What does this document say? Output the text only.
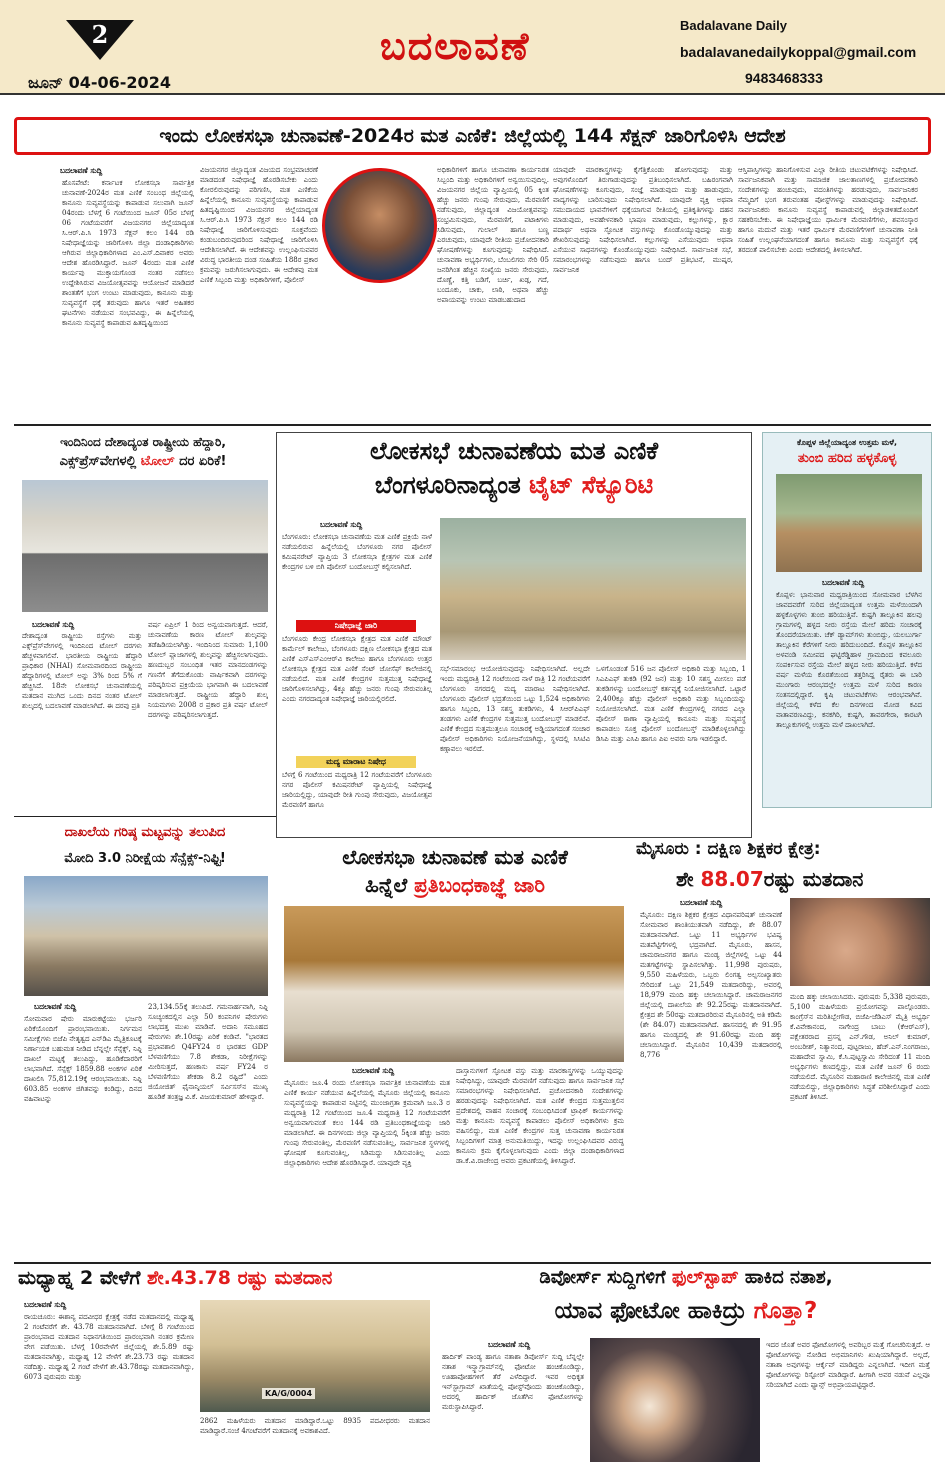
2
ಜೂನ್ 04-06-2024
ಬದಲಾವಣೆ	Badalavane Daily
badalavanedailykoppal@gmail.com
9483468333
ಇಂದು ಲೋಕಸಭಾ ಚುನಾವಣೆ-2024ರ ಮತ ಎಣಿಕೆ: ಜಿಲ್ಲೆಯಲ್ಲಿ 144 ಸೆಕ್ಷನ್ ಜಾರಿಗೊಳಿಸಿ ಆದೇಶ
ಬದಲಾವಣೆ ಸುದ್ದಿ
ಹೊಸಪೇಟೆ: ಕರ್ನಾಟಕ ಲೋಕಸಭಾ ಸಾರ್ವತ್ರಿಕ ಚುನಾವಣೆ-2024ರ ಮತ ಎಣಿಕೆ ಸಂಬಂಧ ಜಿಲ್ಲೆಯಲ್ಲಿ ಕಾನೂನು ಸುವ್ಯವಸ್ಥೆಯನ್ನು ಕಾಪಾಡುವ ಸಲುವಾಗಿ ಜೂನ್ 04ರಂದು ಬೆಳಗ್ಗೆ 6 ಗಂಟೆಯಿಂದ ಜೂನ್ 05ರ ಬೆಳಗ್ಗೆ 06 ಗಂಟೆಯವರೆಗೆ ವಿಜಯನಗರ ಜಿಲ್ಲೆಯಾದ್ಯಂತ ಸಿ.ಆರ್.ಪಿ.ಸಿ 1973 ಸೆಕ್ಷನ್ ಕಲಂ 144 ರಡಿ ನಿಷೇಧಾಜ್ಞೆಯನ್ನು ಜಾರಿಗೊಳಿಸಿ ಜಿಲ್ಲಾ ದಂಡಾಧಿಕಾರಿಗಳು ಆಗಿರುವ ಜಿಲ್ಲಾಧಿಕಾರಿಗಳಾದ ಎಂ.ಎಸ್.ದಿವಾಕರ ಅವರು ಆದೇಶ ಹೊರಡಿಸಿದ್ದಾರೆ. ಜೂನ್ 4ರಂದು ಮತ ಎಣಿಕೆ ಕಾರ್ಯವು ಮುಕ್ತಾಯಗೊಂಡ ನಂತರ ನಡೆಸಲು ಉದ್ದೇಶಿಸಿರುವ ವಿಜಯೋತ್ಸವವನ್ನು ಆಯೋಜನೆ ಮಾಡಿದರೆ ಶಾಂತತೆಗೆ ಭಂಗ ಉಂಟು ಮಾಡುವುದು, ಕಾನೂನು ಮತ್ತು ಸುವ್ಯವಸ್ಥೆಗೆ ಧಕ್ಕೆ ತರುವುದು ಹಾಗೂ ಇತರೆ ಅಹಿತಕರ ಘಟನೆಗಳು ನಡೆಯುವ ಸಂಭವವಿದ್ದು, ಈ ಹಿನ್ನೆಲೆಯಲ್ಲಿ ಕಾನೂನು ಸುವ್ಯವಸ್ಥೆ ಕಾಪಾಡುವ ಹಿತದೃಷ್ಟಿಯಿಂದ
ವಿಜಯನಗರ ಜಿಲ್ಲಾದ್ಯಂತ ವಿಜಯದ ಸಂಭ್ರಮಾಚರಣೆ ಮಾಡದಂತೆ ನಿಷೇಧಾಜ್ಞೆ ಹೊರಡಿಸಬೇಕು ಎಂದು ಕೋರಲಿರುವುದನ್ನು ಪರಿಗಣಿಸಿ, ಮತ ಎಣಿಕೆಯ ಹಿನ್ನೆಲೆಯಲ್ಲಿ ಕಾನೂನು ಸುವ್ಯವಸ್ಥೆಯನ್ನು ಕಾಪಾಡುವ ಹಿತದೃಷ್ಟಿಯಿಂದ ವಿಜಯನಗರ ಜಿಲ್ಲೆಯಾದ್ಯಂತ ಸಿ.ಆರ್.ಪಿ.ಸಿ 1973 ಸೆಕ್ಷನ್ ಕಲಂ 144 ರಡಿ ನಿಷೇಧಾಜ್ಞೆ ಜಾರಿಗೊಳಿಸುವುದು ಸೂಕ್ತವೆಂದು ಕಂಡುಬಂದಿರುವುದರಿಂದ ನಿಷೇಧಾಜ್ಞೆ ಜಾರಿಗೊಳಿಸಿ ಆದೇಶಿಸಲಾಗಿದೆ. ಈ ಆದೇಶವನ್ನು ಉಲ್ಲಂಘಿಸುವವರ ವಿರುದ್ಧ ಭಾರತೀಯ ದಂಡ ಸಂಹಿತೆಯ 188ರ ಪ್ರಕಾರ ಕ್ರಮವನ್ನು ಜರುಗಿಸಲಾಗುವುದು. ಈ ಆದೇಶವು ಮತ ಎಣಿಕೆ ಸಿಬ್ಬಂದಿ ಮತ್ತು ಅಧಿಕಾರಿಗಳಿಗೆ, ಪೊಲೀಸ್
ಅಧಿಕಾರಿಗಳಿಗೆ ಹಾಗೂ ಚುನಾವಣಾ ಕಾರ್ಯನಿರತ ಸಿಬ್ಬಂದಿ ಮತ್ತು ಅಧಿಕಾರಿಗಳಿಗೆ ಅನ್ವಯಿಸುವುದಿಲ್ಲ. ವಿಜಯನಗರ ಜಿಲ್ಲೆಯ ವ್ಯಾಪ್ತಿಯಲ್ಲಿ 05 ಕ್ಕಿಂತ ಹೆಚ್ಚು ಜನರು ಗುಂಪು ಸೇರುವುದು, ಮೆರವಣಿಗೆ ನಡೆಸುವುದು, ಜಿಲ್ಲಾದ್ಯಂತ ವಿಜಯೋತ್ಸವವನ್ನು ಸಂಭ್ರಮಿಸುವುದು, ಮೆರವಣಿಗೆ, ಪಟಾಕಿಗಳು ಸಿಡಿಸುವುದು, ಗುಲಾಲ್ ಹಾಗೂ ಬಣ್ಣ ಎರಚುವುದು, ಯಾವುದೇ ರೀತಿಯ ಪ್ರಚೋದನಕಾರಿ ಘೋಷಣೆಗಳನ್ನು ಕೂಗುವುದನ್ನು ನಿಷೇಧಿಸಿದೆ. ಚುನಾವಣಾ ಅಭ್ಯರ್ಥಿಗಳು, ಬೆಂಬಲಿಗರು ಸೇರಿ 05 ಜನರಿಗಿಂತ ಹೆಚ್ಚಿನ ಸಂಖ್ಯೆಯ ಜನರು ಸೇರುವುದು, ದೊಣ್ಣೆ, ಕತ್ತಿ ಬಡಿಗೆ, ಬರ್ಚಿ, ಖಡ್ಗ, ಗದೆ, ಬಂದೂಕು, ಚಾಕು, ಲಾಠಿ, ಅಥವಾ ಹೆಚ್ಚು ಅಪಾಯವನ್ನು ಉಂಟು ಮಾಡಬಹುದಾದ
ಯಾವುದೇ ಮಾರಕಾಸ್ತ್ರಗಳನ್ನು ಕೈಗೆತ್ತಿಕೊಂಡು ಹೋಗುವುದನ್ನು ಮತ್ತು ಅವುಗಳೊಂದಿಗೆ ತಿರುಗಾಡುವುದನ್ನು ಪ್ರತಿಬಂಧಿಸಲಾಗಿದೆ. ಬಹಿರಂಗವಾಗಿ ಘೋಷಣೆಗಳನ್ನು ಕೂಗುವುದು, ಸಂಜ್ಞೆ ಮಾಡುವುದು ಮತ್ತು ಹಾಡುವುದು, ವಾದ್ಯಗಳನ್ನು ಬಾರಿಸುವುದು ನಿಷೇಧಿಸಲಾಗಿದೆ. ಯಾವುದೇ ವ್ಯಕ್ತಿ ಅಥವಾ ಸಮುದಾಯದ ಭಾವನೆಗಳಿಗೆ ಧಕ್ಕೆಯಾಗುವ ರೀತಿಯಲ್ಲಿ ಪ್ರತಿಕೃತಿಗಳನ್ನು ದಹನ ಮಾಡುವುದು, ಅವಹೇಳನಕಾರಿ ಭಾಷಣ ಮಾಡುವುದು, ಕಲ್ಲುಗಳನ್ನು, ಕ್ಷಾರ ಪದಾರ್ಥ ಅಥವಾ ಸ್ಫೋಟಕ ವಸ್ತುಗಳನ್ನು ಕೊಂಡೊಯ್ಯುವುದನ್ನು ಮತ್ತು ಶೇಖರಿಸುವುದನ್ನು ನಿಷೇಧಿಸಲಾಗಿದೆ. ಕಲ್ಲುಗಳನ್ನು ಎಸೆಯುವುದು ಅಥವಾ ಎಸೆಯುವ ಸಾಧನಗಳನ್ನು ಕೊಂಡೊಯ್ಯುವುದು ನಿಷೇಧಿಸಿದೆ. ಸಾರ್ವಜನಿಕ ಸಭೆ, ಸಮಾರಂಭಗಳನ್ನು ನಡೆಸುವುದು ಹಾಗೂ ಬಂದ್ ಪ್ರತಿಭಟನೆ, ಮುಷ್ಕರ, ಸಾರ್ವಜನಿಕ
ಆಸ್ತಿಪಾಸ್ತಿಗಳನ್ನು ಹಾನಿಗೊಳಿಸುವ ಎಲ್ಲಾ ರೀತಿಯ ಚಟುವಟಿಕೆಗಳನ್ನು ನಿಷೇಧಿಸಿದೆ. ಸಾರ್ವಜನಿಕವಾಗಿ ಮತ್ತು ಸಾಮಾಜಿಕ ಜಾಲತಾಣಗಳಲ್ಲಿ ಪ್ರಚೋದನಕಾರಿ ಸಂದೇಶಗಳನ್ನು ಹಂಚುವುದು, ವದಂತಿಗಳನ್ನು ಹರಡುವುದು, ಸಾರ್ವಜನಿಕರ ನೆಮ್ಮದಿಗೆ ಭಂಗ ತರುವಂತಹ ಪೋಸ್ಟ್‌ಗಳನ್ನು ಮಾಡುವುದನ್ನು ನಿಷೇಧಿಸಿದೆ. ಸಾರ್ವಜನಿಕರು ಕಾನೂನು ಸುವ್ಯವಸ್ಥೆ ಕಾಪಾಡುವಲ್ಲಿ ಜಿಲ್ಲಾಡಳಿತದೊಂದಿಗೆ ಸಹಕರಿಸಬೇಕು. ಈ ನಿಷೇಧಾಜ್ಞೆಯು ಧಾರ್ಮಿಕ ಮೆರವಣಿಗೆಗಳು, ಶವಸಂಸ್ಕಾರ ಹಾಗೂ ಮದುವೆ ಮತ್ತು ಇತರೆ ಧಾರ್ಮಿಕ ಮೆರವಣಿಗೆಗಳಿಗೆ ಚುನಾವಣಾ ನೀತಿ ಸಂಹಿತೆ ಉಲ್ಲಂಘನೆಯಾಗದಂತೆ ಹಾಗೂ ಕಾನೂನು ಮತ್ತು ಸುವ್ಯವಸ್ಥೆಗೆ ಧಕ್ಕೆ ತರದಂತೆ ಪಾಲಿಸಬೇಕು ಎಂದು ಆದೇಶದಲ್ಲಿ ತಿಳಿಸಲಾಗಿದೆ.
ಇಂದಿನಿಂದ ದೇಶಾದ್ಯಂತ ರಾಷ್ಟ್ರೀಯ ಹೆದ್ದಾರಿ,
ಎಕ್ಸ್‌ಪ್ರೆಸ್‌ವೇಗಳಲ್ಲಿ ಟೋಲ್ ದರ ಏರಿಕೆ!
ಬದಲಾವಣೆ ಸುದ್ದಿ
ದೇಶಾದ್ಯಂತ ರಾಷ್ಟ್ರೀಯ ರಸ್ತೆಗಳು ಮತ್ತು ಎಕ್ಸ್‌ಪ್ರೆಸ್‌ವೇಗಳಲ್ಲಿ ಇಂದಿನಿಂದ ಟೋಲ್ ದರಗಳು ಹೆಚ್ಚಳವಾಗಲಿವೆ. ಭಾರತೀಯ ರಾಷ್ಟ್ರೀಯ ಹೆದ್ದಾರಿ ಪ್ರಾಧಿಕಾರ (NHAI) ಸೋಮವಾರದಿಂದ ರಾಷ್ಟ್ರೀಯ ಹೆದ್ದಾರಿಗಳಲ್ಲಿ ಟೋಲ್ ಅನ್ನು 3% ರಿಂದ 5% ಗೆ ಹೆಚ್ಚಿಸಿದೆ. 18ನೇ ಲೋಕಸಭೆ ಚುನಾವಣೆಯಲ್ಲಿ ಮತದಾನ ಮುಗಿದ ಒಂದು ದಿನದ ನಂತರ ಟೋಲ್ ಶುಲ್ಕದಲ್ಲಿ ಬದಲಾವಣೆ ಮಾಡಲಾಗಿದೆ. ಈ ದರವು ಪ್ರತಿ
ವರ್ಷ ಏಪ್ರಿಲ್ 1 ರಿಂದ ಅನ್ವಯವಾಗುತ್ತದೆ. ಆದರೆ, ಚುನಾವಣೆಯ ಕಾರಣ ಟೋಲ್ ಶುಲ್ಕವನ್ನು ತಡೆಹಿಡಿಯಲಾಗಿತ್ತು. ಇಂದಿನಿಂದ ಸುಮಾರು 1,100 ಟೋಲ್ ಪ್ಲಾಜಾಗಳಲ್ಲಿ ಶುಲ್ಕವನ್ನು ಹೆಚ್ಚಿಸಲಾಗುವುದು. ಹಣದುಬ್ಬರ ಸಂಬಂಧಿತ ಇತರ ಮಾನದಂಡಗಳನ್ನು ಗಣನೆಗೆ ತೆಗೆದುಕೊಂಡು ವಾರ್ಷಿಕವಾಗಿ ದರಗಳನ್ನು ಪರಿಷ್ಕರಿಸುವ ಪ್ರಕ್ರಿಯೆಯ ಭಾಗವಾಗಿ ಈ ಬದಲಾವಣೆ ಮಾಡಲಾಗುತ್ತದೆ. ರಾಷ್ಟ್ರೀಯ ಹೆದ್ದಾರಿ ಶುಲ್ಕ ನಿಯಮಗಳು 2008 ರ ಪ್ರಕಾರ ಪ್ರತಿ ವರ್ಷ ಟೋಲ್ ದರಗಳನ್ನು ಪರಿಷ್ಕರಿಸಲಾಗುತ್ತದೆ.
ಲೋಕಸಭೆ ಚುನಾವಣೆಯ ಮತ ಎಣಿಕೆ
ಬೆಂಗಳೂರಿನಾದ್ಯಂತ ಟೈಟ್ ಸೆಕ್ಯೂರಿಟಿ
ಬದಲಾವಣೆ ಸುದ್ದಿ
ಬೆಂಗಳೂರು: ಲೋಕಸಭಾ ಚುನಾವಣೆಯ ಮತ ಎಣಿಕೆ ಪ್ರಕ್ರಿಯೆ ನಾಳೆ ನಡೆಯಲಿರುವ ಹಿನ್ನೆಲೆಯಲ್ಲಿ ಬೆಂಗಳೂರು ನಗರ ಪೊಲೀಸ್ ಕಮಿಷನರೇಟ್ ವ್ಯಾಪ್ತಿಯ 3 ಲೋಕಸಭಾ ಕ್ಷೇತ್ರಗಳ ಮತ ಎಣಿಕೆ ಕೇಂದ್ರಗಳ ಬಳಿ ಬಿಗಿ ಪೊಲೀಸ್ ಬಂದೋಬಸ್ತ್ ಕಲ್ಪಿಸಲಾಗಿದೆ.
ನಿಷೇಧಾಜ್ಞೆ ಜಾರಿ
ಬೆಂಗಳೂರು ಕೇಂದ್ರ ಲೋಕಸಭಾ ಕ್ಷೇತ್ರದ ಮತ ಎಣಿಕೆ ಮೌಂಟ್ ಕಾರ್ಮೆಲ್ ಕಾಲೇಜು, ಬೆಂಗಳೂರು ದಕ್ಷಿಣ ಲೋಕಸಭಾ ಕ್ಷೇತ್ರದ ಮತ ಎಣಿಕೆ ಎಸ್‌ಎಸ್‌ಎಂಆರ್‌ವಿ ಕಾಲೇಜು ಹಾಗೂ ಬೆಂಗಳೂರು ಉತ್ತರ ಲೋಕಸಭಾ ಕ್ಷೇತ್ರದ ಮತ ಎಣಿಕೆ ಸೆಂಟ್ ಜೋಸೆಫ್ ಕಾಲೇಜಿನಲ್ಲಿ ನಡೆಯಲಿದೆ. ಮತ ಎಣಿಕೆ ಕೇಂದ್ರಗಳ ಸುತ್ತಮುತ್ತ ನಿಷೇಧಾಜ್ಞೆ ಜಾರಿಗೊಳಿಸಲಾಗಿದ್ದು, 4ಕ್ಕೂ ಹೆಚ್ಚು ಜನರು ಗುಂಪು ಸೇರುವಂತಿಲ್ಲ ಎಂದು ನಗರದಾದ್ಯಂತ ನಿಷೇಧಾಜ್ಞೆ ಜಾರಿಯಲ್ಲಿರಲಿದೆ.
ಮದ್ಯ ಮಾರಾಟ ನಿಷೇಧ
ಬೆಳಗ್ಗೆ 6 ಗಂಟೆಯಿಂದ ಮಧ್ಯರಾತ್ರಿ 12 ಗಂಟೆಯವರೆಗೆ ಬೆಂಗಳೂರು ನಗರ ಪೊಲೀಸ್ ಕಮಿಷನರೇಟ್ ವ್ಯಾಪ್ತಿಯಲ್ಲಿ ನಿಷೇಧಾಜ್ಞೆ ಜಾರಿಯಲ್ಲಿದ್ದು, ಯಾವುದೇ ರೀತಿ ಗುಂಪು ಸೇರುವುದು, ವಿಜಯೋತ್ಸವ ಮೆರವಣಿಗೆ ಹಾಗೂ
ಸಭೆ-ಸಮಾರಂಭ ಆಯೋಜಿಸುವುದನ್ನು ನಿಷೇಧಿಸಲಾಗಿದೆ. ಅಲ್ಲದೇ ಇಂದು ಮಧ್ಯರಾತ್ರಿ 12 ಗಂಟೆಯಿಂದ ನಾಳೆ ರಾತ್ರಿ 12 ಗಂಟೆಯವರೆಗೆ ಬೆಂಗಳೂರು ನಗರದಲ್ಲಿ ಮದ್ಯ ಮಾರಾಟ ನಿಷೇಧಿಸಲಾಗಿದೆ. ಬೆಂಗಳೂರು ಪೊಲೀಸ್ ಭದ್ರತೆಯಿಂದ ಒಟ್ಟು 1,524 ಅಧಿಕಾರಿಗಳು ಹಾಗೂ ಸಿಬ್ಬಂದಿ, 13 ಸಶಸ್ತ್ರ ತುಕಡಿಗಳು, 4 ಸಿಆರ್‌ಪಿಎಫ್ ತಂಡಗಳು ಎಣಿಕೆ ಕೇಂದ್ರಗಳ ಸುತ್ತಮುತ್ತ ಬಂದೋಬಸ್ತ್ ಮಾಡಲಿವೆ. ಎಣಿಕೆ ಕೇಂದ್ರದ ಸುತ್ತಮುತ್ತಲೂ ಸಂಚಾರಕ್ಕೆ ಅಡ್ಡಿಯಾಗದಂತೆ ಸಂಚಾರ ಪೊಲೀಸ್ ಅಧಿಕಾರಿಗಳು ನಿಯೋಜನೆಯಾಗಿದ್ದು, ಸ್ಥಳದಲ್ಲಿ ಸಿಸಿಟಿವಿ ಕಣ್ಗಾವಲು ಇರಲಿದೆ.
ಒಳಗೊಂಡಂತೆ 516 ಜನ ಪೊಲೀಸ್ ಅಧಿಕಾರಿ ಮತ್ತು ಸಿಬ್ಬಂದಿ, 1 ಸಿಎಪಿಎಫ್ ತುಕಡಿ (92 ಜನ) ಮತ್ತು 10 ಸಶಸ್ತ್ರ ಮೀಸಲು ಪಡೆ ತುಕಡಿಗಳನ್ನು ಬಂದೋಬಸ್ತ್ ಕರ್ತವ್ಯಕ್ಕೆ ನಿಯೋಜಿಸಲಾಗಿದೆ. ಒಟ್ಟಾರೆ 2,400ಕ್ಕೂ ಹೆಚ್ಚು ಪೊಲೀಸ್ ಅಧಿಕಾರಿ ಮತ್ತು ಸಿಬ್ಬಂದಿಯನ್ನು ನಿಯೋಜಿಸಲಾಗಿದೆ. ಮತ ಎಣಿಕೆ ಕೇಂದ್ರಗಳಲ್ಲಿ ನಗರದ ಎಲ್ಲಾ ಪೊಲೀಸ್ ಠಾಣಾ ವ್ಯಾಪ್ತಿಯಲ್ಲಿ ಕಾನೂನು ಮತ್ತು ಸುವ್ಯವಸ್ಥೆ ಕಾಪಾಡಲು ಸೂಕ್ತ ಪೊಲೀಸ್ ಬಂದೋಬಸ್ತ್ ಮಾಡಿಕೊಳ್ಳಲಾಗಿದ್ದು ಡಿಸಿಪಿ ಮತ್ತು ಎಸಿಪಿ ಹಾಗೂ ಪಿಐ ಅವರು ನಿಗಾ ಇಡಲಿದ್ದಾರೆ.
ಕೊಪ್ಪಳ ಜಿಲ್ಲೆಯಾದ್ಯಂತ ಉತ್ತಮ ಮಳೆ,
ತುಂಬಿ ಹರಿದ ಹಳ್ಳಕೊಳ್ಳ
ಬದಲಾವಣೆ ಸುದ್ದಿ
ಕೊಪ್ಪಳ: ಭಾನುವಾರ ಮಧ್ಯರಾತ್ರಿಯಿಂದ ಸೋಮವಾರ ಬೆಳಗಿನ ಜಾವದವರೆಗೆ ಸುರಿದ ಜಿಲ್ಲೆಯಾದ್ಯಂತ ಉತ್ತಮ ಮಳೆಯಿಂದಾಗಿ ಹಳ್ಳಕೊಳ್ಳಗಳು ತುಂಬಿ ಹರಿಯುತ್ತಿವೆ. ಕುಷ್ಟಗಿ ತಾಲ್ಲೂಕಿನ ಹಲವು ಗ್ರಾಮಗಳಲ್ಲಿ ಹಳ್ಳದ ನೀರು ರಸ್ತೆಯ ಮೇಲೆ ಹರಿದು ಸಂಚಾರಕ್ಕೆ ತೊಂದರೆಯಾಯಿತು. ಚೆಕ್ ಡ್ಯಾಮ್‌ಗಳು ತುಂಬಿದ್ದು, ಯಲಬುರ್ಗಾ ತಾಲ್ಲೂಕಿನ ಕೆರೆಗಳಿಗೆ ನೀರು ಹರಿದುಬಂದಿದೆ. ಕೊಪ್ಪಳ ತಾಲ್ಲೂಕಿನ ಅಳವಂಡಿ ಸಮೀಪದ ಘಟ್ಟಿರೆಡ್ಡಿಹಾಳ ಗ್ರಾಮದಿಂದ ಕವಲೂರು ಸಂಪರ್ಕಿಸುವ ರಸ್ತೆಯ ಮೇಲೆ ಹಳ್ಳದ ನೀರು ಹರಿಯುತ್ತಿದೆ. ಕಳೆದ ವರ್ಷ ಮಳೆಯ ಕೊರತೆಯಿಂದ ತತ್ತರಿಸಿದ್ದ ರೈತರು ಈ ಬಾರಿ ಮುಂಗಾರು ಆರಂಭದಲ್ಲೇ ಉತ್ತಮ ಮಳೆ ಸುರಿದ ಕಾರಣ ಸಂತಸದಲ್ಲಿದ್ದಾರೆ. ಕೃಷಿ ಚಟುವಟಿಕೆಗಳು ಆರಂಭವಾಗಿವೆ. ಜಿಲ್ಲೆಯಲ್ಲಿ ಕಳೆದ ಕೆಲ ದಿನಗಳಿಂದ ಮೋಡ ಕವಿದ ವಾತಾವರಣವಿದ್ದು, ಕನಕಗಿರಿ, ಕುಷ್ಟಗಿ, ತಾವರಗೇರಾ, ಕಾರಟಗಿ ತಾಲ್ಲೂಕುಗಳಲ್ಲಿ ಉತ್ತಮ ಮಳೆ ದಾಖಲಾಗಿದೆ.
ದಾಖಲೆಯ ಗರಿಷ್ಠ ಮಟ್ಟವನ್ನು ತಲುಪಿದ
ಮೋದಿ 3.0 ನಿರೀಕ್ಷೆಯ ಸೆನ್ಸೆಕ್ಸ್-ನಿಫ್ಟಿ!
ಬದಲಾವಣೆ ಸುದ್ದಿ
ಸೋಮವಾರ ಷೇರು ಮಾರುಕಟ್ಟೆಯು ಭರ್ಜರಿ ಏರಿಕೆಯೊಂದಿಗೆ ಪ್ರಾರಂಭವಾಯಿತು. ನಿರ್ಗಮನ ಸಮೀಕ್ಷೆಗಳು ಬಿಜೆಪಿ ನೇತೃತ್ವದ ಎನ್‌ಡಿಎ ಮೈತ್ರಿಕೂಟಕ್ಕೆ ನಿರ್ಣಾಯಕ ಬಹುಮತ ನೀಡಿದ ಬೆನ್ನಲ್ಲೇ ಸೆನ್ಸೆಕ್ಸ್, ನಿಫ್ಟಿ ದಾಖಲೆ ಮಟ್ಟಕ್ಕೆ ತಲುಪಿದ್ದು, ಹೂಡಿಕೆದಾರರಿಗೆ ಲಾಭವಾಗಿದೆ. ಸೆನ್ಸೆಕ್ಸ್ 1859.88 ಅಂಕಗಳ ಏರಿಕೆ ದಾಖಲಿಸಿ 75,812.19ಕ್ಕೆ ಆರಂಭವಾಯಿತು. ನಿಫ್ಟಿ 603.85 ಅಂಕಗಳ ಜಿಗಿತವನ್ನು ಕಂಡಿದ್ದು, ದಿನದ ವಹಿವಾಟನ್ನು
23,134.55ಕ್ಕೆ ತಲುಪಿದೆ. ಗಮನಾರ್ಹವಾಗಿ, ನಿಫ್ಟಿ ಸೂಚ್ಯಂಕದಲ್ಲಿನ ಎಲ್ಲಾ 50 ಕಂಪನಿಗಳ ಷೇರುಗಳು ಲಾಭದತ್ತ ಮುಖ ಮಾಡಿವೆ. ಅದಾನಿ ಸಮೂಹದ ಷೇರುಗಳು ಶೇ.10ರಷ್ಟು ಏರಿಕೆ ಕಂಡಿವೆ. "ಭಾರತದ ಪ್ರಭಾವಶಾಲಿ Q4FY24 ರ ಭಾರತದ GDP ಬೆಳವಣಿಗೆಯು 7.8 ಶೇಕಡಾ, ನಿರೀಕ್ಷೆಗಳನ್ನು ಮೀರಿಸುತ್ತದೆ, ಹಣಕಾಸು ವರ್ಷ FY24 ರ ಬೆಳವಣಿಗೆಯು ಶೇಕಡಾ 8.2 ರಷ್ಟಿದೆ" ಎಂದು ಜಿಯೋಜಿತ್ ಫೈನಾನ್ಶಿಯಲ್ ಸರ್ವಿಸಸ್‌ನ ಮುಖ್ಯ ಹೂಡಿಕೆ ತಂತ್ರಜ್ಞ ವಿ.ಕೆ. ವಿಜಯಕುಮಾರ್ ಹೇಳಿದ್ದಾರೆ.
ಲೋಕಸಭಾ ಚುನಾವಣೆ ಮತ ಎಣಿಕೆ
ಹಿನ್ನೆಲೆ ಪ್ರತಿಬಂಧಕಾಜ್ಞೆ ಜಾರಿ
ಬದಲಾವಣೆ ಸುದ್ದಿ
ಮೈಸೂರು: ಜೂ.4 ರಂದು ಲೋಕಸಭಾ ಸಾರ್ವತ್ರಿಕ ಚುನಾವಣೆಯ ಮತ ಎಣಿಕೆ ಕಾರ್ಯ ನಡೆಯುವ ಹಿನ್ನೆಲೆಯಲ್ಲಿ ಮೈಸೂರು ಜಿಲ್ಲೆಯಲ್ಲಿ ಕಾನೂನು ಸುವ್ಯವಸ್ಥೆಯನ್ನು ಕಾಪಾಡುವ ನಿಟ್ಟಿನಲ್ಲಿ ಮುಂಜಾಗ್ರತಾ ಕ್ರಮವಾಗಿ ಜೂ.3 ರ ಮಧ್ಯರಾತ್ರಿ 12 ಗಂಟೆಯಿಂದ ಜೂ.4 ಮಧ್ಯರಾತ್ರಿ 12 ಗಂಟೆಯವರೆಗೆ ಅನ್ವಯವಾಗುವಂತೆ ಕಲಂ 144 ರಡಿ ಪ್ರತಿಬಂಧಕಾಜ್ಞೆಯನ್ನು ಜಾರಿ ಮಾಡಲಾಗಿದೆ. ಈ ದಿನಗಳಂದು ಜಿಲ್ಲಾ ವ್ಯಾಪ್ತಿಯಲ್ಲಿ 5ಕ್ಕಿಂತ ಹೆಚ್ಚು ಜನರು ಗುಂಪು ಸೇರುವಂತಿಲ್ಲ, ಮೆರವಣಿಗೆ ನಡೆಸುವಂತಿಲ್ಲ, ಸಾರ್ವಜನಿಕ ಸ್ಥಳಗಳಲ್ಲಿ ಘೋಷಣೆ ಕೂಗುವಂತಿಲ್ಲ, ಸಿಡಿಮದ್ದು ಸಿಡಿಸುವಂತಿಲ್ಲ ಎಂದು ಜಿಲ್ಲಾಧಿಕಾರಿಗಳು ಆದೇಶ ಹೊರಡಿಸಿದ್ದಾರೆ. ಯಾವುದೇ ವ್ಯಕ್ತಿ
ದಾಸ್ತಾನುಗಳಿಗೆ ಸ್ಫೋಟಕ ವಸ್ತು ಮತ್ತು ಮಾರಕಾಸ್ತ್ರಗಳನ್ನು ಒಯ್ಯುವುದನ್ನು ನಿಷೇಧಿಸಿದ್ದು, ಯಾವುದೇ ಮೆರವಣಿಗೆ ನಡೆಸುವುದು ಹಾಗೂ ಸಾರ್ವಜನಿಕ ಸಭೆ ಸಮಾರಂಭಗಳನ್ನು ನಿಷೇಧಿಸಲಾಗಿದೆ. ಪ್ರಚೋದನಕಾರಿ ಸಂದೇಶಗಳನ್ನು ಹರಡುವುದನ್ನು ನಿಷೇಧಿಸಲಾಗಿದೆ. ಮತ ಎಣಿಕೆ ಕೇಂದ್ರದ ಸುತ್ತಮುತ್ತಲಿನ ಪ್ರದೇಶದಲ್ಲಿ ವಾಹನ ಸಂಚಾರಕ್ಕೆ ಸಂಬಂಧಿಸಿದಂತೆ ಟ್ರಾಫಿಕ್ ಕಾರ್ಯಗಳನ್ನು ಮತ್ತು ಕಾನೂನು ಸುವ್ಯವಸ್ಥೆ ಕಾಪಾಡಲು ಪೊಲೀಸ್ ಅಧಿಕಾರಿಗಳು ಕ್ರಮ ವಹಿಸಲಿದ್ದು, ಮತ ಎಣಿಕೆ ಕೇಂದ್ರಗಳ ಸುತ್ತ ಚುನಾವಣಾ ಕಾರ್ಯನಿರತ ಸಿಬ್ಬಂದಿಗಳಿಗೆ ಮಾತ್ರ ಅನುಮತಿಯಿದ್ದು, ಇದನ್ನು ಉಲ್ಲಂಘಿಸಿದವರ ವಿರುದ್ಧ ಕಾನೂನು ಕ್ರಮ ಕೈಗೊಳ್ಳಲಾಗುವುದು ಎಂದು ಜಿಲ್ಲಾ ದಂಡಾಧಿಕಾರಿಗಳಾದ ಡಾ.ಕೆ.ವಿ.ರಾಜೇಂದ್ರ ಅವರು ಪ್ರಕಟಣೆಯಲ್ಲಿ ತಿಳಿಸಿದ್ದಾರೆ.
ಮೈಸೂರು : ದಕ್ಷಿಣ ಶಿಕ್ಷಕರ ಕ್ಷೇತ್ರ:
ಶೇ 88.07ರಷ್ಟು ಮತದಾನ
ಬದಲಾವಣೆ ಸುದ್ದಿ
ಮೈಸೂರು: ದಕ್ಷಿಣ ಶಿಕ್ಷಕರ ಕ್ಷೇತ್ರದ ವಿಧಾನಪರಿಷತ್ ಚುನಾವಣೆ ಸೋಮವಾರ ಶಾಂತಿಯುತವಾಗಿ ನಡೆದಿದ್ದು, ಶೇ 88.07 ಮತದಾನವಾಗಿದೆ. ಒಟ್ಟು 11 ಅಭ್ಯರ್ಥಿಗಳ ಭವಿಷ್ಯ ಮತಪೆಟ್ಟಿಗೆಗಳಲ್ಲಿ ಭದ್ರವಾಗಿದೆ. ಮೈಸೂರು, ಹಾಸನ, ಚಾಮರಾಜನಗರ ಹಾಗೂ ಮಂಡ್ಯ ಜಿಲ್ಲೆಗಳಲ್ಲಿ ಒಟ್ಟು 44 ಮತಗಟ್ಟೆಗಳನ್ನು ಸ್ಥಾಪಿಸಲಾಗಿತ್ತು. 11,998 ಪುರುಷರು, 9,550 ಮಹಿಳೆಯರು, ಒಬ್ಬರು ಲಿಂಗತ್ವ ಅಲ್ಪಸಂಖ್ಯಾತರು ಸೇರಿದಂತೆ ಒಟ್ಟು 21,549 ಮತದಾರರಿದ್ದು, ಅವರಲ್ಲಿ 18,979 ಮಂದಿ ಹಕ್ಕು ಚಲಾಯಿಸಿದ್ದಾರೆ. ಚಾಮರಾಜನಗರ ಜಿಲ್ಲೆಯಲ್ಲಿ ದಾಖಲೆಯ ಶೇ 92.25ರಷ್ಟು ಮತದಾನವಾಗಿದೆ. ಕ್ಷೇತ್ರದ ಶೇ 50ರಷ್ಟು ಮತದಾರರಿರುವ ಮೈಸೂರಿನಲ್ಲಿ ಅತಿ ಕಡಿಮೆ (ಶೇ 84.07) ಮತದಾನವಾಗಿದೆ. ಹಾಸನದಲ್ಲಿ ಶೇ 91.95 ಹಾಗೂ ಮಂಡ್ಯದಲ್ಲಿ ಶೇ 91.60ರಷ್ಟು ಮಂದಿ ಹಕ್ಕು ಚಲಾಯಿಸಿದ್ದಾರೆ. ಮೈಸೂರಿನ 10,439 ಮತದಾರರಲ್ಲಿ 8,776
ಮಂದಿ ಹಕ್ಕು ಚಲಾಯಿಸಿದರು. ಪುರುಷರು 5,338 ಪುರುಷರು, 5,100 ಮಹಿಳೆಯರು ಪ್ರಯೋಗವನ್ನು ಪಾಲ್ಗೊಂಡರು. ಕಾಂಗ್ರೆಸ್‌ನ ಮರಿತಿಬ್ಬೇಗೌಡ, ಬಿಜೆಪಿ-ಜೆಡಿಎಸ್ ಮೈತ್ರಿ ಅಭ್ಯರ್ಥಿ ಕೆ.ವಿವೇಕಾನಂದ, ನಾಗೇಂದ್ರ ಬಾಬು (ಕೆಆರ್‌ಎಸ್), ಪಕ್ಷೇತರರಾದ ಪ್ರಸನ್ನ ಎನ್.ಗೌಡ, ಅನಿಲ್ ಕುಮಾರ್, ಅಂಬರೀಶ್, ನಿತ್ಯಾನಂದ, ಪುಟ್ಟರಾಜು, ಹೆಚ್.ಎನ್.ನಿಂಗರಾಜು, ಮಹಾದೇವ ಸ್ವಾಮಿ, ಕೆ.ಸಿ.ಪುಟ್ಟಸ್ವಾಮಿ ಸೇರಿದಂತೆ 11 ಮಂದಿ ಅಭ್ಯರ್ಥಿಗಳು ಕಣದಲ್ಲಿದ್ದು, ಮತ ಎಣಿಕೆ ಜೂನ್ 6 ರಂದು ನಡೆಯಲಿದೆ. ಮೈಸೂರಿನ ಮಹಾರಾಣಿ ಕಾಲೇಜಿನಲ್ಲಿ ಮತ ಎಣಿಕೆ ನಡೆಯಲಿದ್ದು, ಜಿಲ್ಲಾಧಿಕಾರಿಗಳು ಸಿದ್ಧತೆ ಪರಿಶೀಲಿಸಿದ್ದಾರೆ ಎಂದು ಪ್ರಕಟಣೆ ತಿಳಿಸಿದೆ.
ಮಧ್ಯಾಹ್ನ 2 ವೇಳೆಗೆ ಶೇ.43.78 ರಷ್ಟು ಮತದಾನ
ಬದಲಾವಣೆ ಸುದ್ದಿ
ರಾಯಚೂರು: ಈಶಾನ್ಯ ಪದವೀಧರ ಕ್ಷೇತ್ರಕ್ಕೆ ನಡೆದ ಮತದಾನದಲ್ಲಿ ಮಧ್ಯಾಹ್ನ 2 ಗಂಟೆವರೆಗೆ ಶೇ. 43.78 ಮತದಾನವಾಗಿದೆ. ಬೆಳಿಗ್ಗೆ 8 ಗಂಟೆಯಿಂದ ಪ್ರಾರಂಭವಾದ ಮತದಾನ ನಿಧಾನಗತಿಯಿಂದ ಪ್ರಾರಂಭವಾಗಿ ನಂತರ ಕ್ರಮೇಣ ವೇಗ ಪಡೆಯಿತು. ಬೆಳಗ್ಗೆ 10ರವೇಳೆಗೆ ಜಿಲ್ಲೆಯಲ್ಲಿ ಶೇ.5.89 ರಷ್ಟು ಮತದಾನವಾಗಿತ್ತು, ಮಧ್ಯಾಹ್ನ 12 ವೇಳೆಗೆ ಶೇ.23.73 ರಷ್ಟು ಮತದಾನ ನಡೆದಿತ್ತು. ಮಧ್ಯಾಹ್ನ 2 ಗಂಟೆ ವೇಳೆಗೆ ಶೇ.43.78ರಷ್ಟು ಮತದಾನವಾಗಿದ್ದು, 6073 ಪುರುಷರು ಮತ್ತು
KA/G/0004
2862 ಮಹಿಳೆಯರು ಮತದಾನ ಮಾಡಿದ್ದಾರೆ.ಒಟ್ಟು 8935 ಪದವೀಧರರು ಮತದಾನ ಮಾಡಿದ್ದಾರೆ.ಸಂಜೆ 4ಗಂಟೆವರೆಗೆ ಮತದಾನಕ್ಕೆ ಅವಕಾಶವಿದೆ.
ಡಿವೋರ್ಸ್ ಸುದ್ದಿಗಳಿಗೆ ಫುಲ್‌ಸ್ಟಾಪ್ ಹಾಕಿದ ನತಾಶ,
ಯಾವ ಫೋಟೋ ಹಾಕಿದ್ರು ಗೊತ್ತಾ?
ಬದಲಾವಣೆ ಸುದ್ದಿ
ಹಾರ್ದಿಕ್ ಪಾಂಡ್ಯ ಹಾಗೂ ನತಾಶಾ ಡಿವೋರ್ಸ್ ಸುದ್ದಿ ಬೆನ್ನಲ್ಲೇ ನತಾಶ ಇನ್ಸ್ಟಾಗ್ರಾಮ್‌ನಲ್ಲಿ ಫೋಟೋ ಹಂಚಿಕೊಂಡಿದ್ದು, ಊಹಾಪೋಹಗಳಿಗೆ ತೆರೆ ಎಳೆದಿದ್ದಾರೆ. ಇವರ ಅಧಿಕೃತ ಇನ್‌ಸ್ಟಾಗ್ರಾಮ್ ಖಾತೆಯಲ್ಲಿ ಪೋಸ್ಟ್‌ವೊಂದು ಹಂಚಿಕೊಂಡಿದ್ದು, ಅದರಲ್ಲಿ ಹಾರ್ದಿಕ್ ಜೊತೆಗಿನ ಫೋಟೋಗಳನ್ನು ಮರುಸ್ಥಾಪಿಸಿದ್ದಾರೆ.
ಇದರ ಜೊತೆ ಅವರ ಫೋಟೋಗಳಲ್ಲಿ ಅವರಿಬ್ಬರ ಮತ್ತೆ ಗೋಚರಿಸುತ್ತದೆ. ಆ ಫೋಟೋಗಳನ್ನು ನೋಡಿದ ಅಭಿಮಾನಿಗಳು ಖುಷಿಯಾಗಿದ್ದಾರೆ. ಅಲ್ಲದೆ, ನತಾಶಾ ಅವುಗಳನ್ನು ಆರ್ಕೈವ್ ಮಾಡಿದ್ದರು ಎನ್ನಲಾಗಿದೆ. ಇದೀಗ ಮತ್ತೆ ಫೋಟೋಗಳನ್ನು ರಿಸ್ಟೋರ್ ಮಾಡಿದ್ದಾರೆ. ಹೀಗಾಗಿ ಅವರ ನಡುವೆ ಎಲ್ಲವೂ ಸರಿಯಾಗಿದೆ ಎಂದು ಫ್ಯಾನ್ಸ್ ಅಭಿಪ್ರಾಯಪಟ್ಟಿದ್ದಾರೆ.
